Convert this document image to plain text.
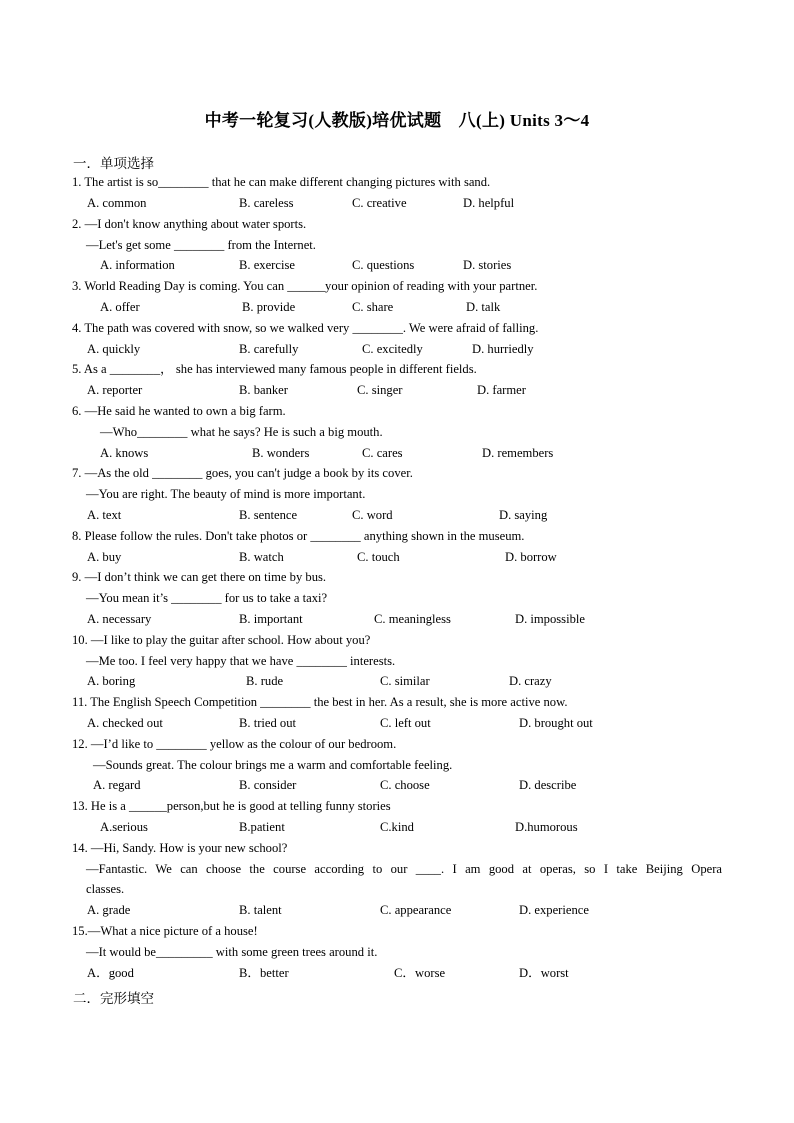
中考一轮复习(人教版)培优试题　八(上) Units 3～4
一．单项选择
1. The artist is so________ that he can make different changing pictures with sand.
A. common	B. careless	C. creative	D. helpful
2. —I don't know anything about water sports.
—Let's get some ________ from the Internet.
A. information	B. exercise	C. questions	D. stories
3. World Reading Day is coming. You can ______your opinion of reading with your partner.
A. offer	B. provide	C. share	D. talk
4. The path was covered with snow, so we walked very ________. We were afraid of falling.
A. quickly	B. carefully	C. excitedly	D. hurriedly
5. As a ________， she has interviewed many famous people in different fields.
A. reporter	B. banker	C. singer	D. farmer
6. —He said he wanted to own a big farm.
—Who________ what he says? He is such a big mouth.
A. knows	B. wonders	C. cares	D. remembers
7. —As the old ________ goes, you can't judge a book by its cover.
—You are right. The beauty of mind is more important.
A. text	B. sentence	C. word	D. saying
8. Please follow the rules. Don't take photos or ________ anything shown in the museum.
A. buy	B. watch	C. touch	D. borrow
9. —I don’t think we can get there on time by bus.
—You mean it’s ________ for us to take a taxi?
A. necessary	B. important	C. meaningless	D. impossible
10. —I like to play the guitar after school. How about you?
—Me too. I feel very happy that we have ________ interests.
A. boring	B. rude	C. similar	D. crazy
11. The English Speech Competition ________ the best in her. As a result, she is more active now.
A. checked out	B. tried out	C. left out	D. brought out
12. —I’d like to ________ yellow as the colour of our bedroom.
—Sounds great. The colour brings me a warm and comfortable feeling.
A. regard	B. consider	C. choose	D. describe
13. He is a ______person,but he is good at telling funny stories
A.serious	B.patient	C.kind	D.humorous
14. —Hi, Sandy. How is your new school?
—Fantastic. We can choose the course according to our ____. I am good at operas, so I take Beijing Opera
classes.
A. grade	B. talent	C. appearance	D. experience
15.—What a nice picture of a house!
—It would be_________ with some green trees around it.
A．good	B．better	C．worse	D．worst
二．完形填空
